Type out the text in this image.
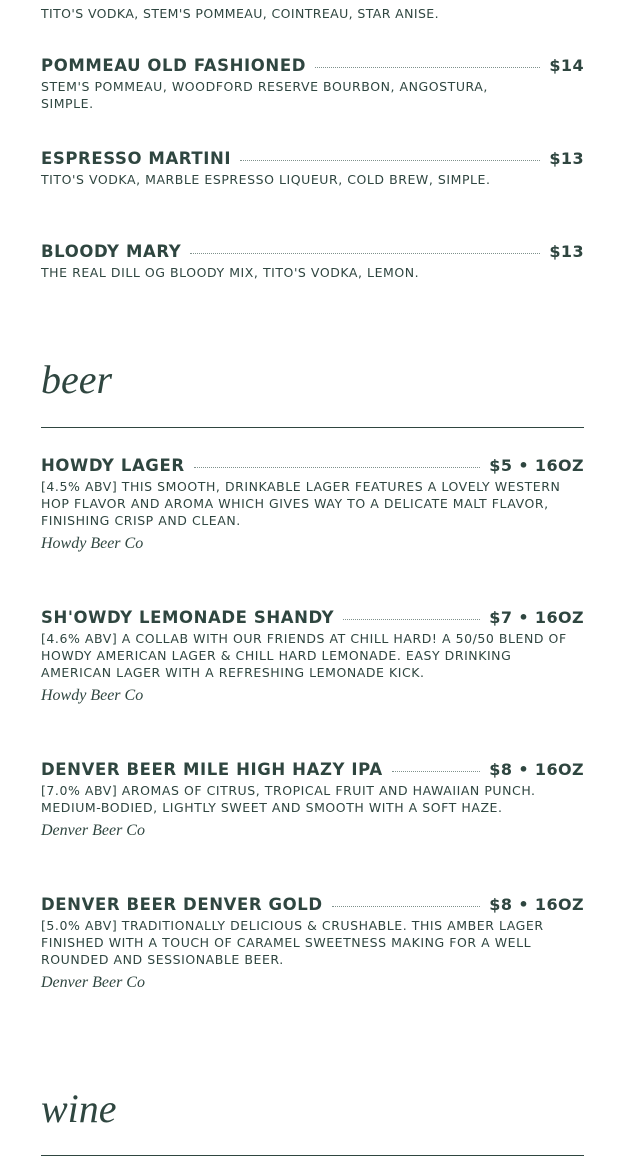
TITO'S VODKA, STEM'S POMMEAU, COINTREAU, STAR ANISE.
POMMEAU OLD FASHIONED	$14
STEM'S POMMEAU, WOODFORD RESERVE BOURBON, ANGOSTURA, SIMPLE.
ESPRESSO MARTINI	$13
TITO'S VODKA, MARBLE ESPRESSO LIQUEUR, COLD BREW, SIMPLE.
BLOODY MARY	$13
THE REAL DILL OG BLOODY MIX, TITO'S VODKA, LEMON.
beer
HOWDY LAGER	$5 • 16OZ
[4.5% ABV] THIS SMOOTH, DRINKABLE LAGER FEATURES A LOVELY WESTERN HOP FLAVOR AND AROMA WHICH GIVES WAY TO A DELICATE MALT FLAVOR, FINISHING CRISP AND CLEAN.
Howdy Beer Co
SH'OWDY LEMONADE SHANDY	$7 • 16OZ
[4.6% ABV] A COLLAB WITH OUR FRIENDS AT CHILL HARD! A 50/50 BLEND OF HOWDY AMERICAN LAGER & CHILL HARD LEMONADE. EASY DRINKING AMERICAN LAGER WITH A REFRESHING LEMONADE KICK.
Howdy Beer Co
DENVER BEER MILE HIGH HAZY IPA	$8 • 16OZ
[7.0% ABV] AROMAS OF CITRUS, TROPICAL FRUIT AND HAWAIIAN PUNCH. MEDIUM-BODIED, LIGHTLY SWEET AND SMOOTH WITH A SOFT HAZE.
Denver Beer Co
DENVER BEER DENVER GOLD	$8 • 16OZ
[5.0% ABV] TRADITIONALLY DELICIOUS & CRUSHABLE. THIS AMBER LAGER FINISHED WITH A TOUCH OF CARAMEL SWEETNESS MAKING FOR A WELL ROUNDED AND SESSIONABLE BEER.
Denver Beer Co
wine
